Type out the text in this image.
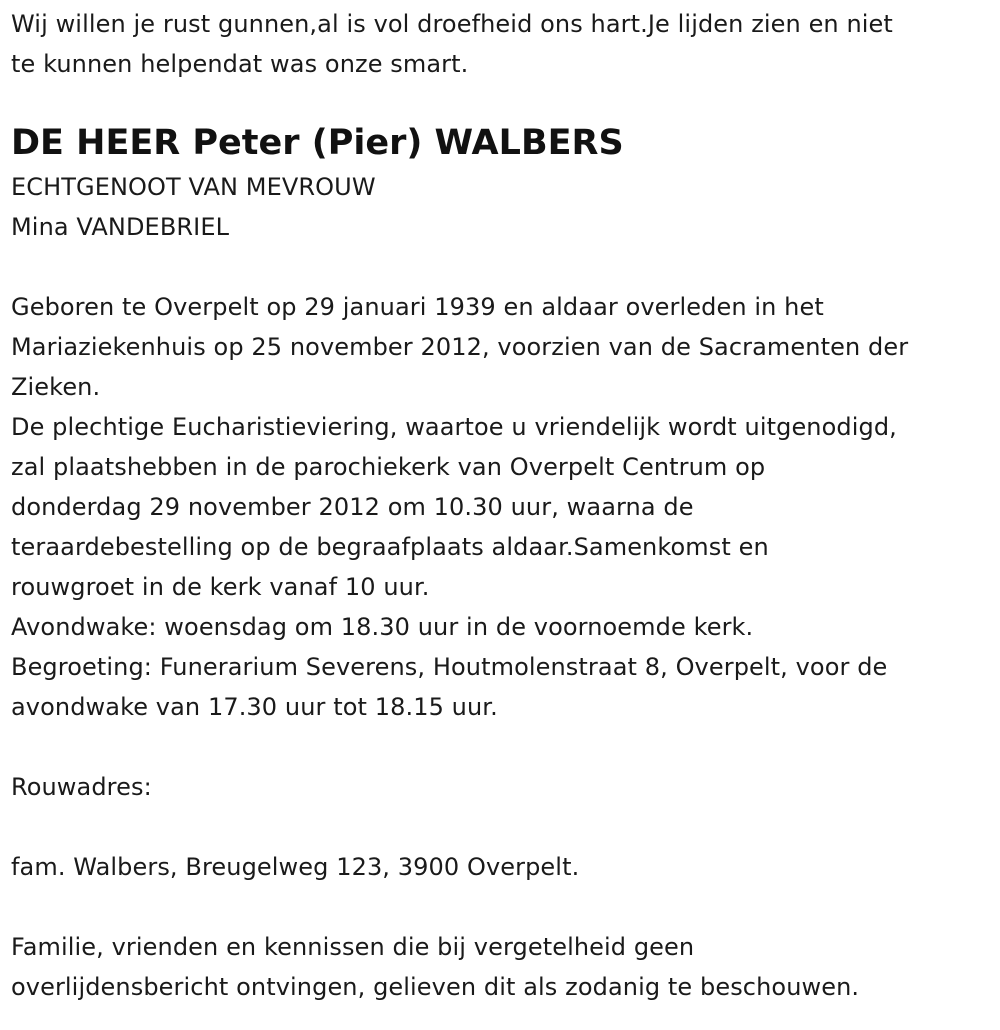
Wij willen je rust gunnen,al is vol droefheid ons hart.Je lijden zien en niet
te kunnen helpendat was onze smart.
DE HEER Peter (Pier) WALBERS
ECHTGENOOT VAN MEVROUW
Mina VANDEBRIEL
Geboren te Overpelt op 29 januari 1939 en aldaar overleden in het
Mariaziekenhuis op 25 november 2012, voorzien van de Sacramenten der
Zieken.
De plechtige Eucharistieviering, waartoe u vriendelijk wordt uitgenodigd,
zal plaatshebben in de parochiekerk van Overpelt Centrum op
donderdag 29 november 2012 om 10.30 uur, waarna de
teraardebestelling op de begraafplaats aldaar.Samenkomst en
rouwgroet in de kerk vanaf 10 uur.
Avondwake: woensdag om 18.30 uur in de voornoemde kerk.
Begroeting: Funerarium Severens, Houtmolenstraat 8, Overpelt, voor de
avondwake van 17.30 uur tot 18.15 uur.
Rouwadres:
fam. Walbers, Breugelweg 123, 3900 Overpelt.
Familie, vrienden en kennissen die bij vergetelheid geen
overlijdensbericht ontvingen, gelieven dit als zodanig te beschouwen.
